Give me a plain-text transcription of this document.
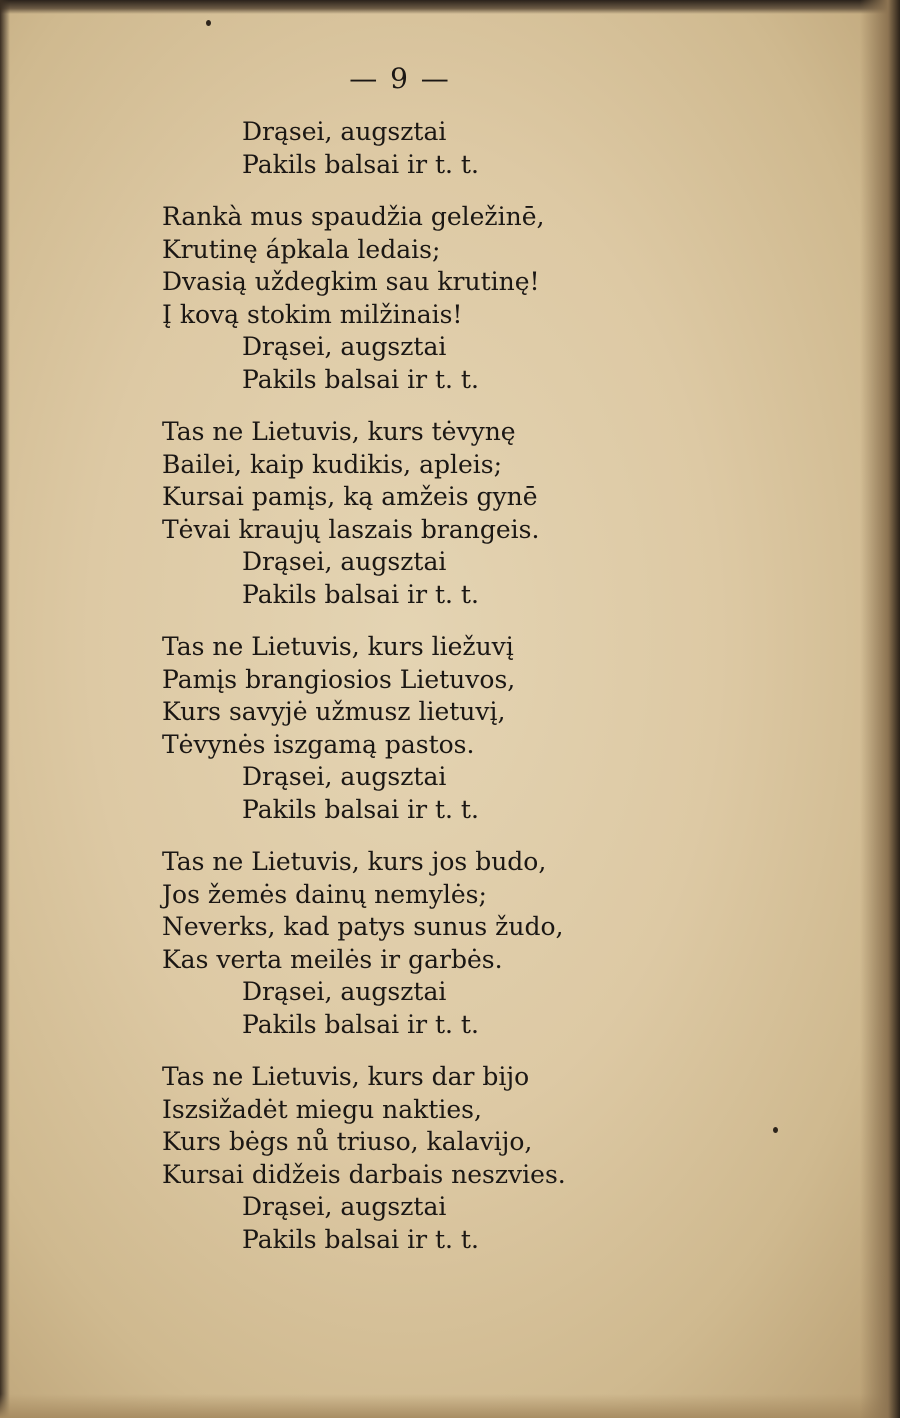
— 9 —
Drąsei, augsztai
Pakils balsai ir t. t.
Rankà mus spaudžia geležinē,
Krutinę ápkala ledais;
Dvasią uždegkim sau krutinę!
Į kovą stokim milžinais!
Drąsei, augsztai
Pakils balsai ir t. t.
Tas ne Lietuvis, kurs tėvynę
Bailei, kaip kudikis, apleis;
Kursai pamįs, ką amžeis gynē
Tėvai kraujų laszais brangeis.
Drąsei, augsztai
Pakils balsai ir t. t.
Tas ne Lietuvis, kurs liežuvį
Pamįs brangiosios Lietuvos,
Kurs savyjė užmusz lietuvį,
Tėvynės iszgamą pastos.
Drąsei, augsztai
Pakils balsai ir t. t.
Tas ne Lietuvis, kurs jos budo,
Jos žemės dainų nemylės;
Neverks, kad patys sunus žudo,
Kas verta meilės ir garbės.
Drąsei, augsztai
Pakils balsai ir t. t.
Tas ne Lietuvis, kurs dar bijo
Iszsižadėt miegu nakties,
Kurs bėgs nů triuso, kalavijo,
Kursai didžeis darbais neszvies.
Drąsei, augsztai
Pakils balsai ir t. t.
